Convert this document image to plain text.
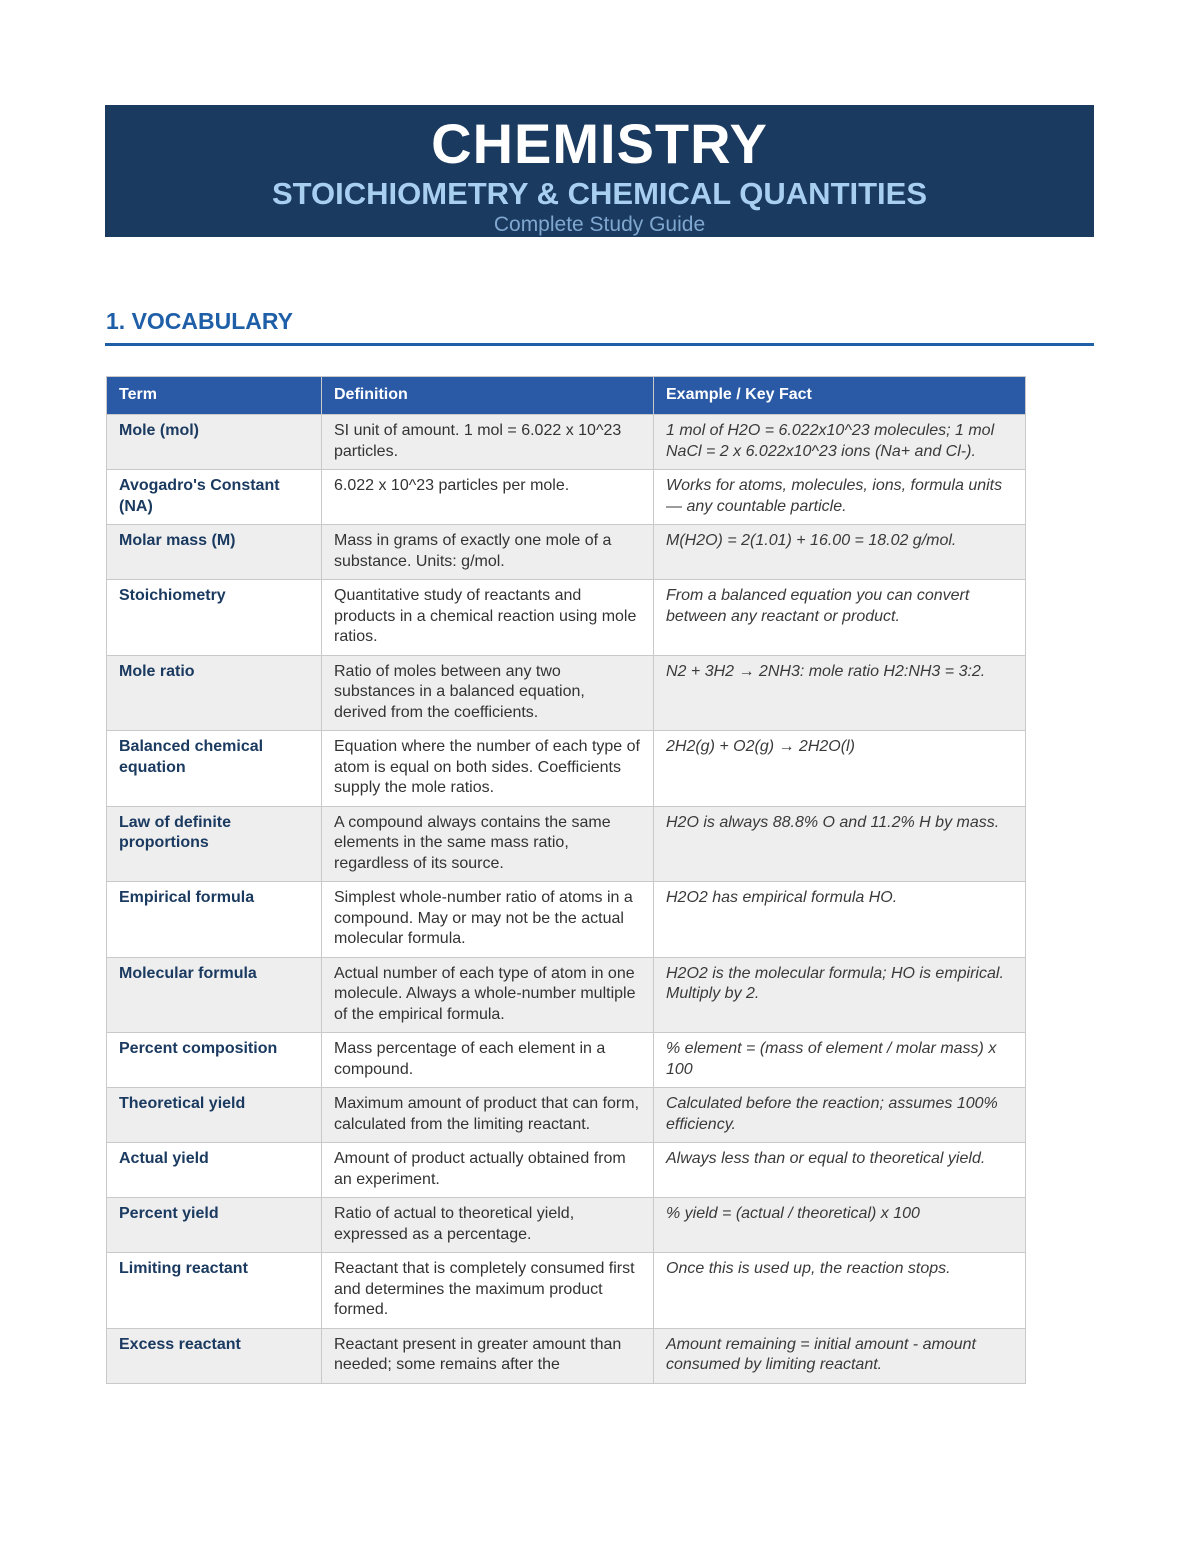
CHEMISTRY
STOICHIOMETRY & CHEMICAL QUANTITIES
Complete Study Guide
1. VOCABULARY
Term	Definition	Example / Key Fact
Mole (mol)	SI unit of amount. 1 mol = 6.022 x 10^23 particles.	1 mol of H2O = 6.022x10^23 molecules; 1 mol NaCl = 2 x 6.022x10^23 ions (Na+ and Cl-).
Avogadro's Constant (NA)	6.022 x 10^23 particles per mole.	Works for atoms, molecules, ions, formula units — any countable particle.
Molar mass (M)	Mass in grams of exactly one mole of a substance. Units: g/mol.	M(H2O) = 2(1.01) + 16.00 = 18.02 g/mol.
Stoichiometry	Quantitative study of reactants and products in a chemical reaction using mole ratios.	From a balanced equation you can convert between any reactant or product.
Mole ratio	Ratio of moles between any two substances in a balanced equation, derived from the coefficients.	N2 + 3H2 → 2NH3: mole ratio H2:NH3 = 3:2.
Balanced chemical equation	Equation where the number of each type of atom is equal on both sides. Coefficients supply the mole ratios.	2H2(g) + O2(g) → 2H2O(l)
Law of definite proportions	A compound always contains the same elements in the same mass ratio, regardless of its source.	H2O is always 88.8% O and 11.2% H by mass.
Empirical formula	Simplest whole-number ratio of atoms in a compound. May or may not be the actual molecular formula.	H2O2 has empirical formula HO.
Molecular formula	Actual number of each type of atom in one molecule. Always a whole-number multiple of the empirical formula.	H2O2 is the molecular formula; HO is empirical. Multiply by 2.
Percent composition	Mass percentage of each element in a compound.	% element = (mass of element / molar mass) x 100
Theoretical yield	Maximum amount of product that can form, calculated from the limiting reactant.	Calculated before the reaction; assumes 100% efficiency.
Actual yield	Amount of product actually obtained from an experiment.	Always less than or equal to theoretical yield.
Percent yield	Ratio of actual to theoretical yield, expressed as a percentage.	% yield = (actual / theoretical) x 100
Limiting reactant	Reactant that is completely consumed first and determines the maximum product formed.	Once this is used up, the reaction stops.
Excess reactant	Reactant present in greater amount than needed; some remains after the	Amount remaining = initial amount - amount consumed by limiting reactant.
